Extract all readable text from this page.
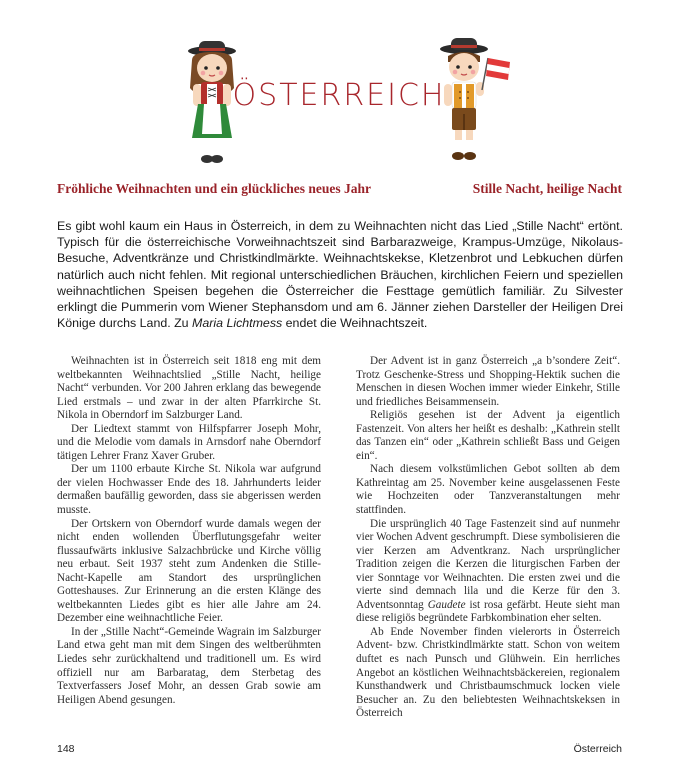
ÖSTERREICH
Fröhliche Weihnachten und ein glückliches neues Jahr	Stille Nacht, heilige Nacht

Es gibt wohl kaum ein Haus in Österreich, in dem zu Weihnachten nicht das Lied „Stille Nacht“ ertönt. Typisch für die österreichische Vorweihnachtszeit sind Barbarazweige, Krampus-Umzüge, Nikolaus-Besuche, Adventkränze und Christkindlmärkte. Weihnachtskekse, Kletzenbrot und Lebkuchen dürfen natürlich auch nicht fehlen. Mit regional unterschiedlichen Bräuchen, kirchlichen Feiern und speziellen weihnachtlichen Speisen begehen die Österreicher die Festtage gemütlich familiär. Zu Silvester erklingt die Pummerin vom Wiener Stephansdom und am 6. Jänner ziehen Darsteller der Heiligen Drei Könige durchs Land. Zu Maria Lichtmess endet die Weihnachtszeit.

Weihnachten ist in Österreich seit 1818 eng mit dem weltbekannten Weihnachtslied „Stille Nacht, heilige Nacht“ verbunden. Vor 200 Jahren erklang das bewegende Lied erstmals – und zwar in der alten Pfarrkirche St. Nikola in Oberndorf im Salzburger Land.

Der Liedtext stammt von Hilfspfarrer Joseph Mohr, und die Melodie vom damals in Arnsdorf nahe Oberndorf tätigen Lehrer Franz Xaver Gruber.

Der um 1100 erbaute Kirche St. Nikola war aufgrund der vielen Hochwasser Ende des 18. Jahrhunderts leider dermaßen baufällig geworden, dass sie abgerissen werden musste.

Der Ortskern von Oberndorf wurde damals wegen der nicht enden wollenden Überflutungsgefahr weiter flussaufwärts inklusive Salzachbrücke und Kirche völlig neu erbaut. Seit 1937 steht zum Andenken die Stille-Nacht-Kapelle am Standort des ursprünglichen Gotteshauses. Zur Erinnerung an die ersten Klänge des weltbekannten Liedes gibt es hier alle Jahre am 24. Dezember eine weihnachtliche Feier.

In der „Stille Nacht“-Gemeinde Wagrain im Salzburger Land etwa geht man mit dem Singen des weltberühmten Liedes sehr zurückhaltend und traditionell um. Es wird offiziell nur am Barbaratag, dem Sterbetag des Textverfassers Josef Mohr, an dessen Grab sowie am Heiligen Abend gesungen.

Der Advent ist in ganz Österreich „a b’sondere Zeit“. Trotz Geschenke-Stress und Shopping-Hektik suchen die Menschen in diesen Wochen immer wieder Einkehr, Stille und friedliches Beisammensein.

Religiös gesehen ist der Advent ja eigentlich Fastenzeit. Von alters her heißt es deshalb: „Kathrein stellt das Tanzen ein“ oder „Kathrein schließt Bass und Geigen ein“.

Nach diesem volkstümlichen Gebot sollten ab dem Kathreintag am 25. November keine ausgelassenen Feste wie Hochzeiten oder Tanzveranstaltungen mehr stattfinden.

Die ursprünglich 40 Tage Fastenzeit sind auf nunmehr vier Wochen Advent geschrumpft. Diese symbolisieren die vier Kerzen am Adventkranz. Nach ursprünglicher Tradition zeigen die Kerzen die liturgischen Farben der vier Sonntage vor Weihnachten. Die ersten zwei und die vierte sind demnach lila und die Kerze für den 3. Adventsonntag Gaudete ist rosa gefärbt. Heute sieht man diese religiös begründete Farbkombination eher selten.

Ab Ende November finden vielerorts in Österreich Advent- bzw. Christkindlmärkte statt. Schon von weitem duftet es nach Punsch und Glühwein. Ein herrliches Angebot an köstlichen Weihnachtsbäckereien, regionalem Kunsthandwerk und Christbaumschmuck locken viele Besucher an. Zu den beliebtesten Weihnachtskeksen in Österreich

148	Österreich
